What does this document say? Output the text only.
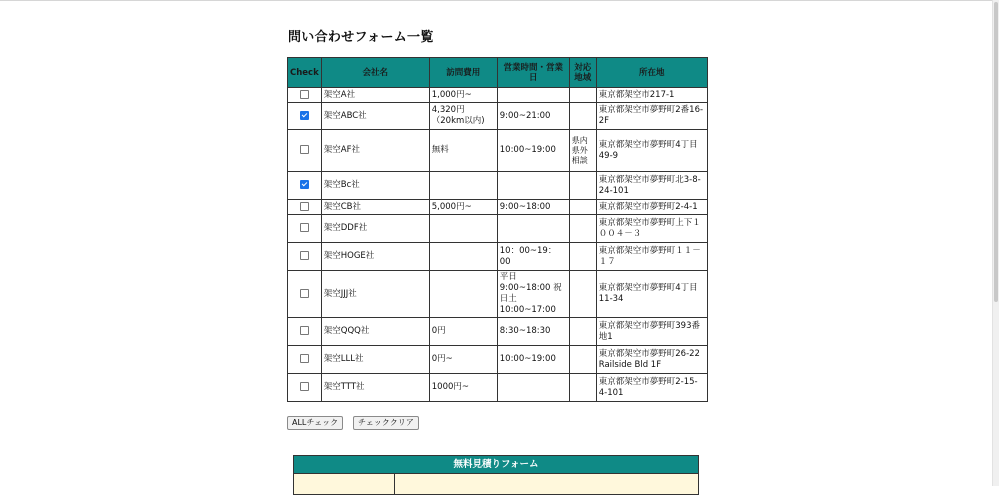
問い合わせフォーム一覧
Check	会社名	訪問費用	営業時間・営業日	対応地域	所在地
	架空A社	1,000円~			東京都架空市217-1
	架空ABC社	4,320円（20km以内)	9:00~21:00		東京都架空市夢野町2番16-2F
	架空AF社	無料	10:00~19:00	県内県外相談	東京都架空市夢野町4丁目49-9
	架空Bc社				東京都架空市夢野町北3-8-24-101
	架空CB社	5,000円~	9:00~18:00		東京都架空市夢野町2-4-1
	架空DDF社				東京都架空市夢野町上下１００４－３
	架空HOGE社		10：00~19：00		東京都架空市夢野町１１－１７
	架空JJJ社		平日9:00~18:00 祝日土10:00~17:00		東京都架空市夢野町4丁目11-34
	架空QQQ社	0円	8:30~18:30		東京都架空市夢野町393番地1
	架空LLL社	0円~	10:00~19:00		東京都架空市夢野町26-22 Railside Bld 1F
	架空TTT社	1000円~			東京都架空市夢野町2-15-4-101
ALLチェック	チェッククリア
無料見積りフォーム
